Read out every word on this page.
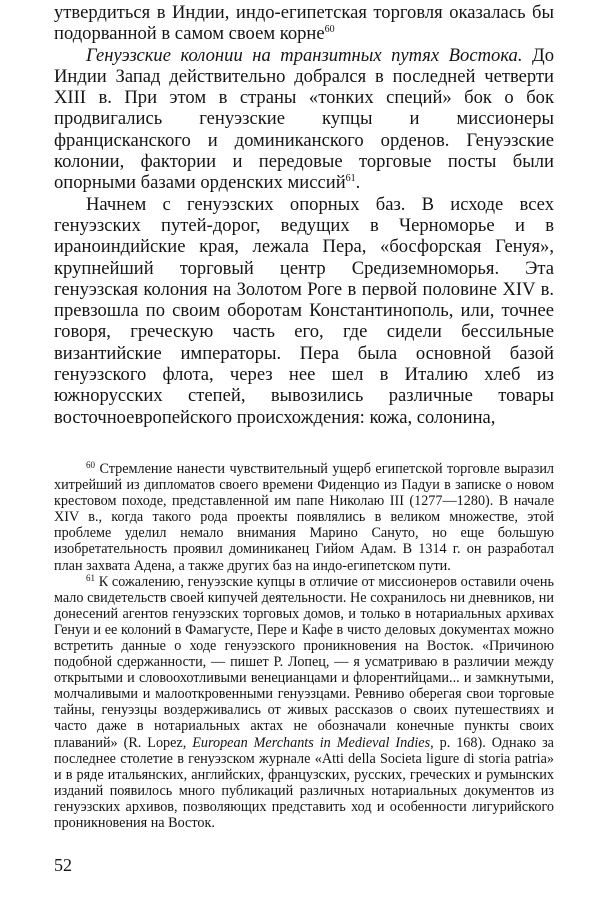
утвердиться в Индии, индо-египетская торговля оказалась бы подорванной в самом своем корне$^{60}$

Генуэзские колонии на транзитных путях Востока. До Индии Запад действительно добрался в последней четверти XIII в. При этом в страны «тонких специй» бок о бок продвигались генуэзские купцы и миссионеры францисканского и доминиканского орденов. Генуэзские колонии, фактории и передовые торговые посты были опорными базами орденских миссий$^{61}$.

Начнем с генуэзских опорных баз. В исходе всех генуэзских путей-дорог, ведущих в Черноморье и в ираноиндийские края, лежала Пера, «босфорская Генуя», крупнейший торговый центр Средиземноморья. Эта генуэзская колония на Золотом Роге в первой половине XIV в. превзошла по своим оборотам Константинополь, или, точнее говоря, греческую часть его, где сидели бессильные византийские императоры. Пера была основной базой генуэзского флота, через нее шел в Италию хлеб из южнорусских степей, вывозились различные товары восточноевропейского происхождения: кожа, солонина,

$^{60}$ Стремление нанести чувствительный ущерб египетской торговле выразил хитрейший из дипломатов своего времени Фиденцио из Падуи в записке о новом крестовом походе, представленной им папе Николаю III (1277—1280). В начале XIV в., когда такого рода проекты появлялись в великом множестве, этой проблеме уделил немало внимания Марино Сануто, но еще большую изобретательность проявил доминиканец Гийом Адам. В 1314 г. он разработал план захвата Адена, а также других баз на индо-египетском пути.

$^{61}$ К сожалению, генуэзские купцы в отличие от миссионеров оставили очень мало свидетельств своей кипучей деятельности. Не сохранилось ни дневников, ни донесений агентов генуэзских торговых домов, и только в нотариальных архивах Генуи и ее колоний в Фамагусте, Пере и Кафе в чисто деловых документах можно встретить данные о ходе генуэзского проникновения на Восток. «Причиною подобной сдержанности, — пишет Р. Лопец, — я усматриваю в различии между открытыми и словоохотливыми венецианцами и флорентийцами... и замкнутыми, молчаливыми и малооткровенными генуэзцами. Ревниво оберегая свои торговые тайны, генуэзцы воздерживались от живых рассказов о своих путешествиях и часто даже в нотариальных актах не обозначали конечные пункты своих плаваний» (R. Lopez, European Merchants in Medieval Indies, p. 168). Однако за последнее столетие в генуэзском журнале «Atti della Societa ligure di storia patria» и в ряде итальянских, английских, французских, русских, греческих и румынских изданий появилось много публикаций различных нотариальных документов из генуэзских архивов, позволяющих представить ход и особенности лигурийского проникновения на Восток.

52
